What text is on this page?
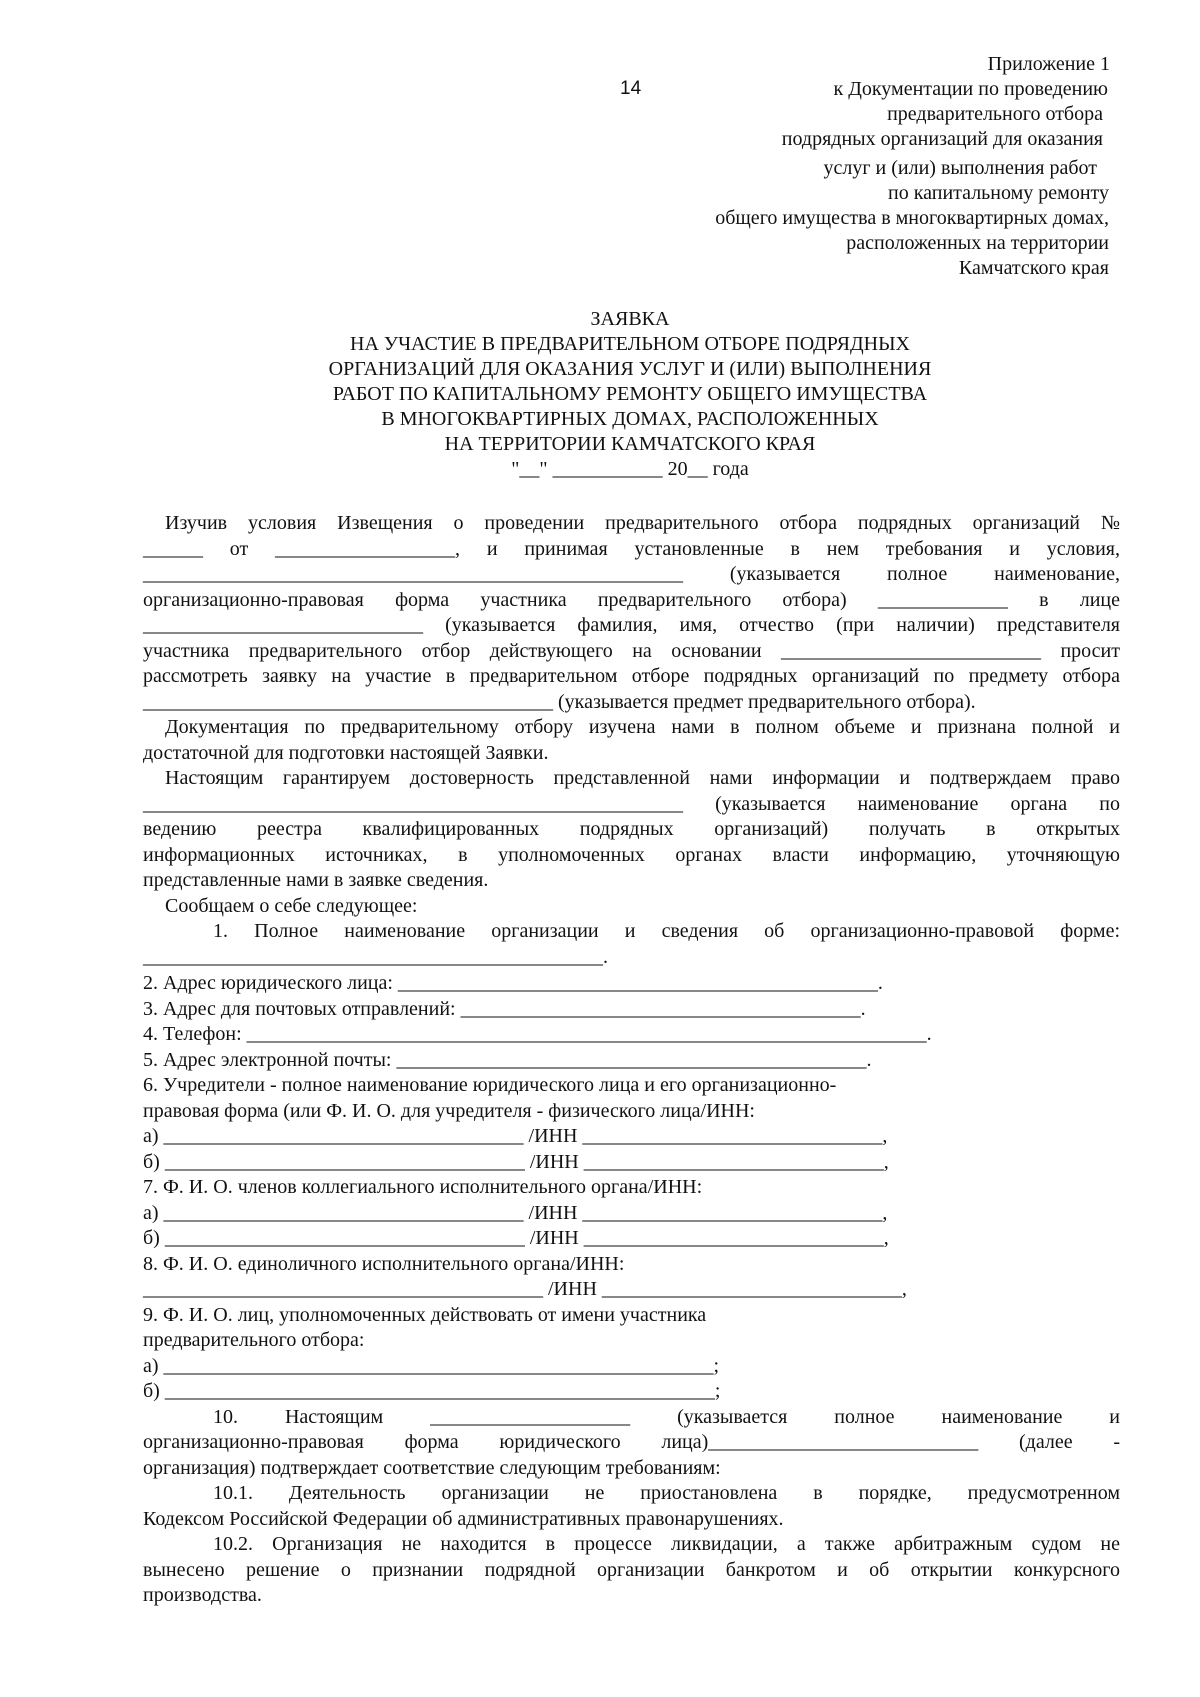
14
Приложение 1
к Документации по проведению
предварительного отбора
подрядных организаций для оказания
услуг и (или) выполнения работ
по капитальному ремонту
общего имущества в многоквартирных домах,
расположенных на территории
Камчатского края
ЗАЯВКА
НА УЧАСТИЕ В ПРЕДВАРИТЕЛЬНОМ ОТБОРЕ ПОДРЯДНЫХ
ОРГАНИЗАЦИЙ ДЛЯ ОКАЗАНИЯ УСЛУГ И (ИЛИ) ВЫПОЛНЕНИЯ
РАБОТ ПО КАПИТАЛЬНОМУ РЕМОНТУ ОБЩЕГО ИМУЩЕСТВА
В МНОГОКВАРТИРНЫХ ДОМАХ, РАСПОЛОЖЕННЫХ
НА ТЕРРИТОРИИ КАМЧАТСКОГО КРАЯ
"__" ___________ 20__ года
Изучив условия Извещения о проведении предварительного отбора подрядных организаций №
______ от __________________, и принимая установленные в нем требования и условия,
______________________________________________________ (указывается полное наименование,
организационно-правовая форма участника предварительного отбора) _____________ в лице
____________________________ (указывается фамилия, имя, отчество (при наличии) представителя
участника предварительного отбор действующего на основании __________________________ просит
рассмотреть заявку на участие в предварительном отборе подрядных организаций по предмету отбора
_________________________________________ (указывается предмет предварительного отбора).
Документация по предварительному отбору изучена нами в полном объеме и признана полной и
достаточной для подготовки настоящей Заявки.
Настоящим гарантируем достоверность представленной нами информации и подтверждаем право
______________________________________________________ (указывается наименование органа по
ведению реестра квалифицированных подрядных организаций) получать в открытых
информационных источниках, в уполномоченных органах власти информацию, уточняющую
представленные нами в заявке сведения.
Сообщаем о себе следующее:
1. Полное наименование организации и сведения об организационно-правовой форме:
______________________________________________.
2. Адрес юридического лица: ________________________________________________.
3. Адрес для почтовых отправлений: ________________________________________.
4. Телефон: ____________________________________________________________________.
5. Адрес электронной почты: _______________________________________________.
6. Учредители - полное наименование юридического лица и его организационно-
правовая форма (или Ф. И. О. для учредителя - физического лица/ИНН:
а) ____________________________________ /ИНН ______________________________,
б) ____________________________________ /ИНН ______________________________,
7. Ф. И. О. членов коллегиального исполнительного органа/ИНН:
а) ____________________________________ /ИНН ______________________________,
б) ____________________________________ /ИНН ______________________________,
8. Ф. И. О. единоличного исполнительного органа/ИНН:
________________________________________ /ИНН ______________________________,
9. Ф. И. О. лиц, уполномоченных действовать от имени участника
предварительного отбора:
а) _______________________________________________________;
б) _______________________________________________________;
10. Настоящим ____________________ (указывается полное наименование и
организационно-правовая форма юридического лица)___________________________ (далее -
организация) подтверждает соответствие следующим требованиям:
10.1. Деятельность организации не приостановлена в порядке, предусмотренном
Кодексом Российской Федерации об административных правонарушениях.
10.2. Организация не находится в процессе ликвидации, а также арбитражным судом не
вынесено решение о признании подрядной организации банкротом и об открытии конкурсного
производства.
